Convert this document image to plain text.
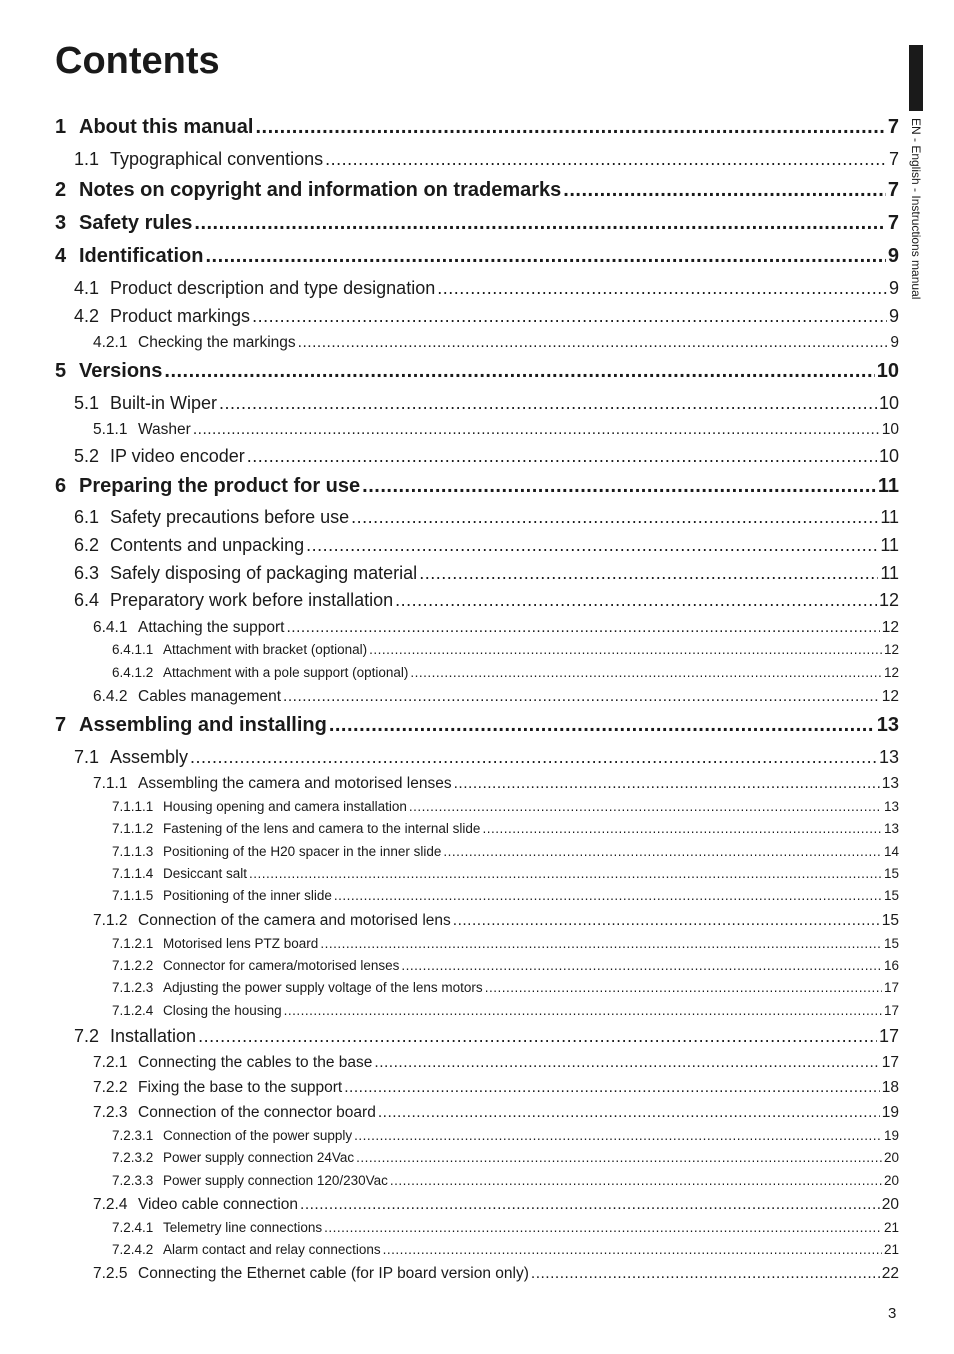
Contents
EN - English - Instructions manual
1 About this manual .....	7
1.1 Typographical conventions .....	7
2 Notes on copyright and information on trademarks .....	7
3 Safety rules .....	7
4 Identification .....	9
4.1 Product description and type designation .....	9
4.2 Product markings .....	9
4.2.1 Checking the markings .....	9
5 Versions .....	10
5.1 Built-in Wiper .....	10
5.1.1 Washer .....	10
5.2 IP video encoder .....	10
6 Preparing the product for use .....	11
6.1 Safety precautions before use .....	11
6.2 Contents and unpacking .....	11
6.3 Safely disposing of packaging material .....	11
6.4 Preparatory work before installation .....	12
6.4.1 Attaching the support .....	12
6.4.1.1 Attachment with bracket (optional) .....	12
6.4.1.2 Attachment with a pole support (optional) .....	12
6.4.2 Cables management .....	12
7 Assembling and installing .....	13
7.1 Assembly .....	13
7.1.1 Assembling the camera and motorised lenses .....	13
7.1.1.1 Housing opening and camera installation .....	13
7.1.1.2 Fastening of the lens and camera to the internal slide .....	13
7.1.1.3 Positioning of the H20 spacer in the inner slide .....	14
7.1.1.4 Desiccant salt .....	15
7.1.1.5 Positioning of the inner slide .....	15
7.1.2 Connection of the camera and motorised lens .....	15
7.1.2.1 Motorised lens PTZ board .....	15
7.1.2.2 Connector for camera/motorised lenses .....	16
7.1.2.3 Adjusting the power supply voltage of the lens motors .....	17
7.1.2.4 Closing the housing .....	17
7.2 Installation .....	17
7.2.1 Connecting the cables to the base .....	17
7.2.2 Fixing the base to the support .....	18
7.2.3 Connection of the connector board .....	19
7.2.3.1 Connection of the power supply .....	19
7.2.3.2 Power supply connection 24Vac .....	20
7.2.3.3 Power supply connection 120/230Vac .....	20
7.2.4 Video cable connection .....	20
7.2.4.1 Telemetry line connections .....	21
7.2.4.2 Alarm contact and relay connections .....	21
7.2.5 Connecting the Ethernet cable (for IP board version only) .....	22
3
